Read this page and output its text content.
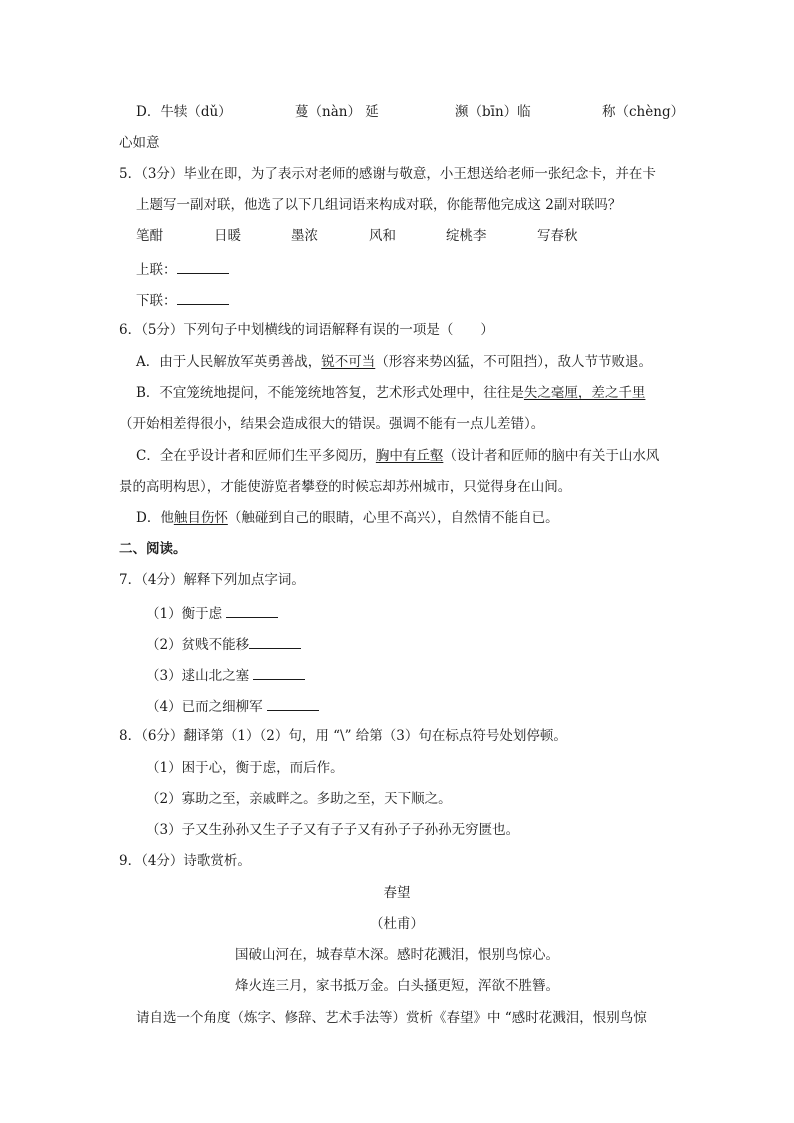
D．牛犊（dǔ）	蔓（nàn） 延	濒（bīn）临	称（chèng）
心如意
5．（3分）毕业在即，为了表示对老师的感谢与敬意，小王想送给老师一张纪念卡，并在卡
上题写一副对联，他选了以下几组词语来构成对联，你能帮他完成这 2副对联吗？
笔酣	日暖	墨浓	风和	绽桃李	写春秋
上联：
下联：
6．（5分）下列句子中划横线的词语解释有误的一项是（　　）
A．由于人民解放军英勇善战，锐不可当（形容来势凶猛，不可阻挡），敌人节节败退。
B．不宜笼统地提问，不能笼统地答复，艺术形式处理中，往往是失之毫厘，差之千里
（开始相差得很小，结果会造成很大的错误。强调不能有一点儿差错）。
C．全在乎设计者和匠师们生平多阅历，胸中有丘壑（设计者和匠师的脑中有关于山水风
景的高明构思），才能使游览者攀登的时候忘却苏州城市，只觉得身在山间。
D．他触目伤怀（触碰到自己的眼睛，心里不高兴），自然情不能自已。
二、阅读。
7．（4分）解释下列加点字词。
（1）衡于虑
（2）贫贱不能移
（3）逑山北之塞
（4）已而之细柳军
8．（6分）翻译第（1）（2）句，用 “\” 给第（3）句在标点符号处划停顿。
（1）困于心，衡于虑，而后作。
（2）寡助之至，亲戚畔之。多助之至，天下顺之。
（3）子又生孙孙又生子子又有子子又有孙子子孙孙无穷匮也。
9．（4分）诗歌赏析。
春望
（杜甫）
国破山河在，城春草木深。感时花溅泪，恨别鸟惊心。
烽火连三月，家书抵万金。白头搔更短，浑欲不胜簪。
请自选一个角度（炼字、修辞、艺术手法等）赏析《春望》中 “感时花溅泪，恨别鸟惊
